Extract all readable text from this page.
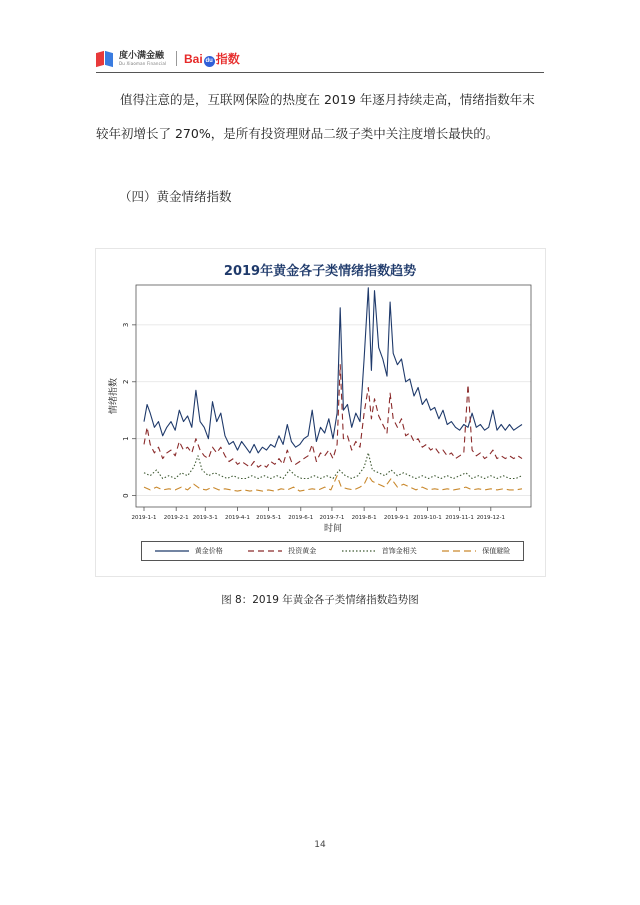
度小满金融
Du Xiaoman Financial Bai du 指数
值得注意的是，互联网保险的热度在 2019 年逐月持续走高，情绪指数年末
较年初增长了 270%，是所有投资理财品二级子类中关注度增长最快的。
（四）黄金情绪指数
2019年黄金各子类情绪指数趋势
0
1
2
3
2019-1-1 2019-2-1 2019-3-1 2019-4-1 2019-5-1 2019-6-1 2019-7-1 2019-8-1 2019-9-1 2019-10-1 2019-11-1 2019-12-1
时间
情绪指数
黄金价格	投资黄金	首饰金相关	保值避险
图 8：2019 年黄金各子类情绪指数趋势图
14
